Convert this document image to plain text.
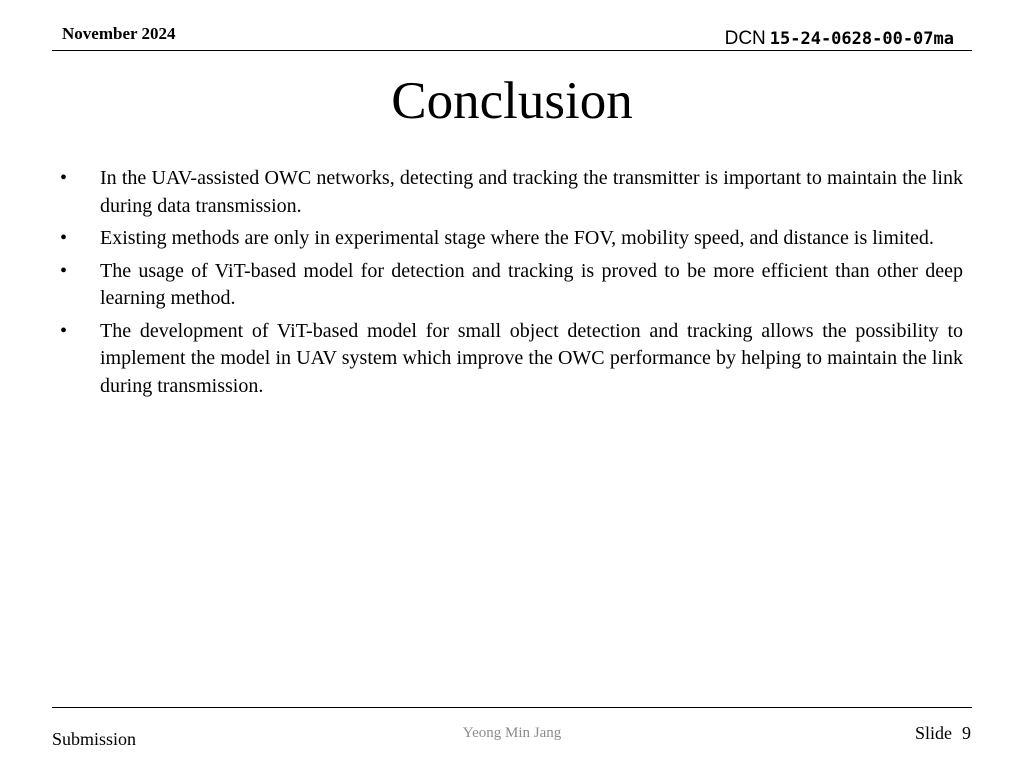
November 2024	DCN 15-24-0628-00-07ma
Conclusion
•	In the UAV-assisted OWC networks, detecting and tracking the transmitter is important to maintain the link during data transmission.
•	Existing methods are only in experimental stage where the FOV, mobility speed, and distance is limited.
•	The usage of ViT-based model for detection and tracking is proved to be more efficient than other deep learning method.
•	The development of ViT-based model for small object detection and tracking allows the possibility to implement the model in UAV system which improve the OWC performance by helping to maintain the link during transmission.
Submission	Yeong Min Jang	Slide 9
